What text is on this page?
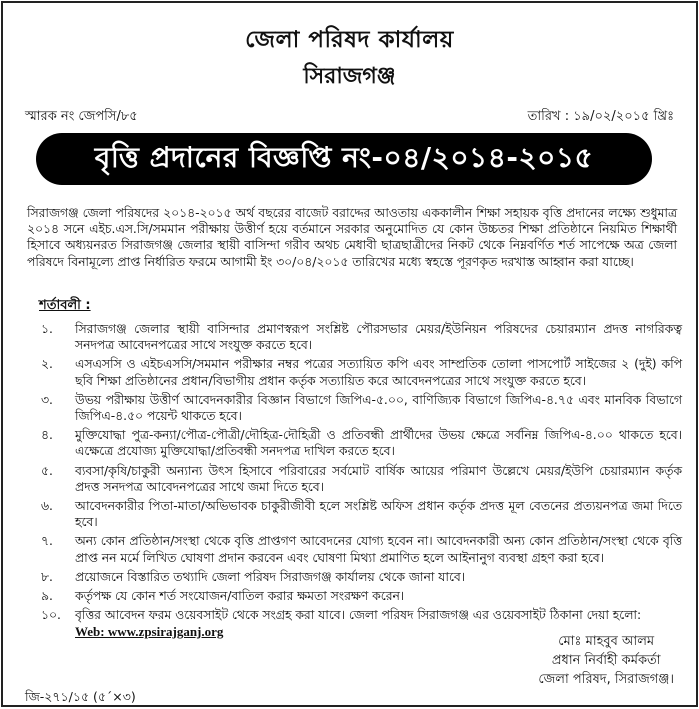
জেলা পরিষদ কার্যালয়
সিরাজগঞ্জ
স্মারক নং জেপসি/৮৫	তারিখ : ১৯/০২/২০১৫ খ্রিঃ
বৃত্তি প্রদানের বিজ্ঞপ্তি নং-০৪/২০১৪-২০১৫
সিরাজগঞ্জ জেলা পরিষদের ২০১৪-২০১৫ অর্থ বছরের বাজেট বরাদ্দের আওতায় এককালীন শিক্ষা সহায়ক বৃত্তি প্রদানের লক্ষ্যে শুধুমাত্র ২০১৪ সনে এইচ.এস.সি/সমমান পরীক্ষায় উত্তীর্ণ হয়ে বর্তমানে সরকার অনুমোদিত যে কোন উচ্চতর শিক্ষা প্রতিষ্ঠানে নিয়মিত শিক্ষার্থী হিসাবে অধ্যয়নরত সিরাজগঞ্জ জেলার স্থায়ী বাসিন্দা গরীব অথচ মেধাবী ছাত্রছাত্রীদের নিকট থেকে নিম্নবর্ণিত শর্ত সাপেক্ষে অত্র জেলা পরিষদে বিনামূল্যে প্রাপ্ত নির্ধারিত ফরমে আগামী ইং ৩০/০৪/২০১৫ তারিখের মধ্যে স্বহস্তে পূরণকৃত দরখাস্ত আহ্বান করা যাচ্ছে।
শর্তাবলী :
১.	সিরাজগঞ্জ জেলার স্থায়ী বাসিন্দার প্রমাণস্বরূপ সংশ্লিষ্ট পৌরসভার মেয়র/ইউনিয়ন পরিষদের চেয়ারম্যান প্রদত্ত নাগরিকত্ব সনদপত্র আবেদনপত্রের সাথে সংযুক্ত করতে হবে।
২.	এসএসসি ও এইচএসসি/সমমান পরীক্ষার নম্বর পত্রের সত্যায়িত কপি এবং সাম্প্রতিক তোলা পাসপোর্ট সাইজের ২ (দুই) কপি ছবি শিক্ষা প্রতিষ্ঠানের প্রধান/বিভাগীয় প্রধান কর্তৃক সত্যায়িত করে আবেদনপত্রের সাথে সংযুক্ত করতে হবে।
৩.	উভয় পরীক্ষায় উত্তীর্ণ আবেদনকারীর বিজ্ঞান বিভাগে জিপিএ-৫.০০, বাণিজ্যিক বিভাগে জিপিএ-৪.৭৫ এবং মানবিক বিভাগে জিপিএ-৪.৫০ পয়েন্ট থাকতে হবে।
৪.	মুক্তিযোদ্ধা পুত্র-কন্যা/পৌত্র-পৌত্রী/দৌহিত্র-দৌহিত্রী ও প্রতিবন্ধী প্রার্থীদের উভয় ক্ষেত্রে সর্বনিম্ন জিপিএ-৪.০০ থাকতে হবে। এক্ষেত্রে প্রযোজ্য মুক্তিযোদ্ধা/প্রতিবন্ধী সনদপত্র দাখিল করতে হবে।
৫.	ব্যবসা/কৃষি/চাকুরী অন্যান্য উৎস হিসাবে পরিবারের সর্বমোট বার্ষিক আয়ের পরিমাণ উল্লেখে মেয়র/ইউপি চেয়ারম্যান কর্তৃক প্রদত্ত সনদপত্র আবেদনপত্রের সাথে জমা দিতে হবে।
৬.	আবেদনকারীর পিতা-মাতা/অভিভাবক চাকুরীজীবী হলে সংশ্লিষ্ট অফিস প্রধান কর্তৃক প্রদত্ত মূল বেতনের প্রত্যয়নপত্র জমা দিতে হবে।
৭.	অন্য কোন প্রতিষ্ঠান/সংস্থা থেকে বৃত্তি প্রাপ্তগণ আবেদনের যোগ্য হবেন না। আবেদনকারী অন্য কোন প্রতিষ্ঠান/সংস্থা থেকে বৃত্তি প্রাপ্ত নন মর্মে লিখিত ঘোষণা প্রদান করবেন এবং ঘোষণা মিথ্যা প্রমাণিত হলে আইনানুগ ব্যবস্থা গ্রহণ করা হবে।
৮.	প্রয়োজনে বিস্তারিত তথ্যাদি জেলা পরিষদ সিরাজগঞ্জ কার্যালয় থেকে জানা যাবে।
৯.	কর্তৃপক্ষ যে কোন শর্ত সংযোজন/বাতিল করার ক্ষমতা সংরক্ষণ করেন।
১০.	বৃত্তির আবেদন ফরম ওয়েবসাইট থেকে সংগ্রহ করা যাবে। জেলা পরিষদ সিরাজগঞ্জ এর ওয়েবসাইট ঠিকানা দেয়া হলো:
Web: www.zpsirajganj.org
মোঃ মাহবুব আলম
প্রধান নির্বাহী কর্মকর্তা
জেলা পরিষদ, সিরাজগঞ্জ।
জি-২৭১/১৫ (৫´×৩)
